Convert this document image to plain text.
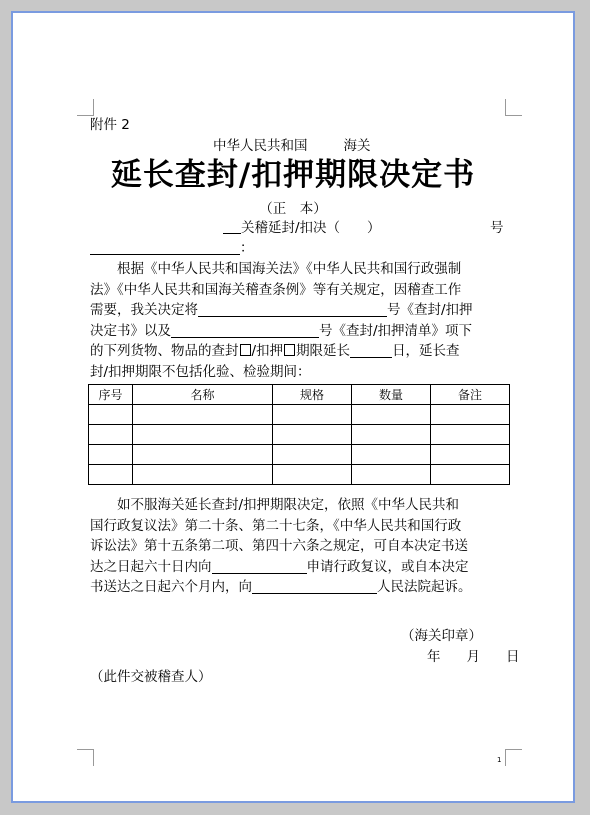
附件 2
中华人民共和国	海关
延长查封/扣押期限决定书
（正　本）
关稽延封/扣决（　　）	号
：
根据《中华人民共和国海关法》《中华人民共和国行政强制
法》《中华人民共和国海关稽查条例》等有关规定，因稽查工作
需要，我关决定将	号《查封/扣押
决定书》以及	号《查封/扣押清单》项下
的下列货物、物品的查封 /扣押 期限延长	日，延长查
封/扣押期限不包括化验、检验期间：
序号	名称	规格	数量	备注

如不服海关延长查封/扣押期限决定，依照《中华人民共和
国行政复议法》第二十条、第二十七条，《中华人民共和国行政
诉讼法》第十五条第二项、第四十六条之规定，可自本决定书送
达之日起六十日内向	申请行政复议，或自本决定
书送达之日起六个月内，向	人民法院起诉。
（海关印章）
年 月 日
（此件交被稽查人）
1
